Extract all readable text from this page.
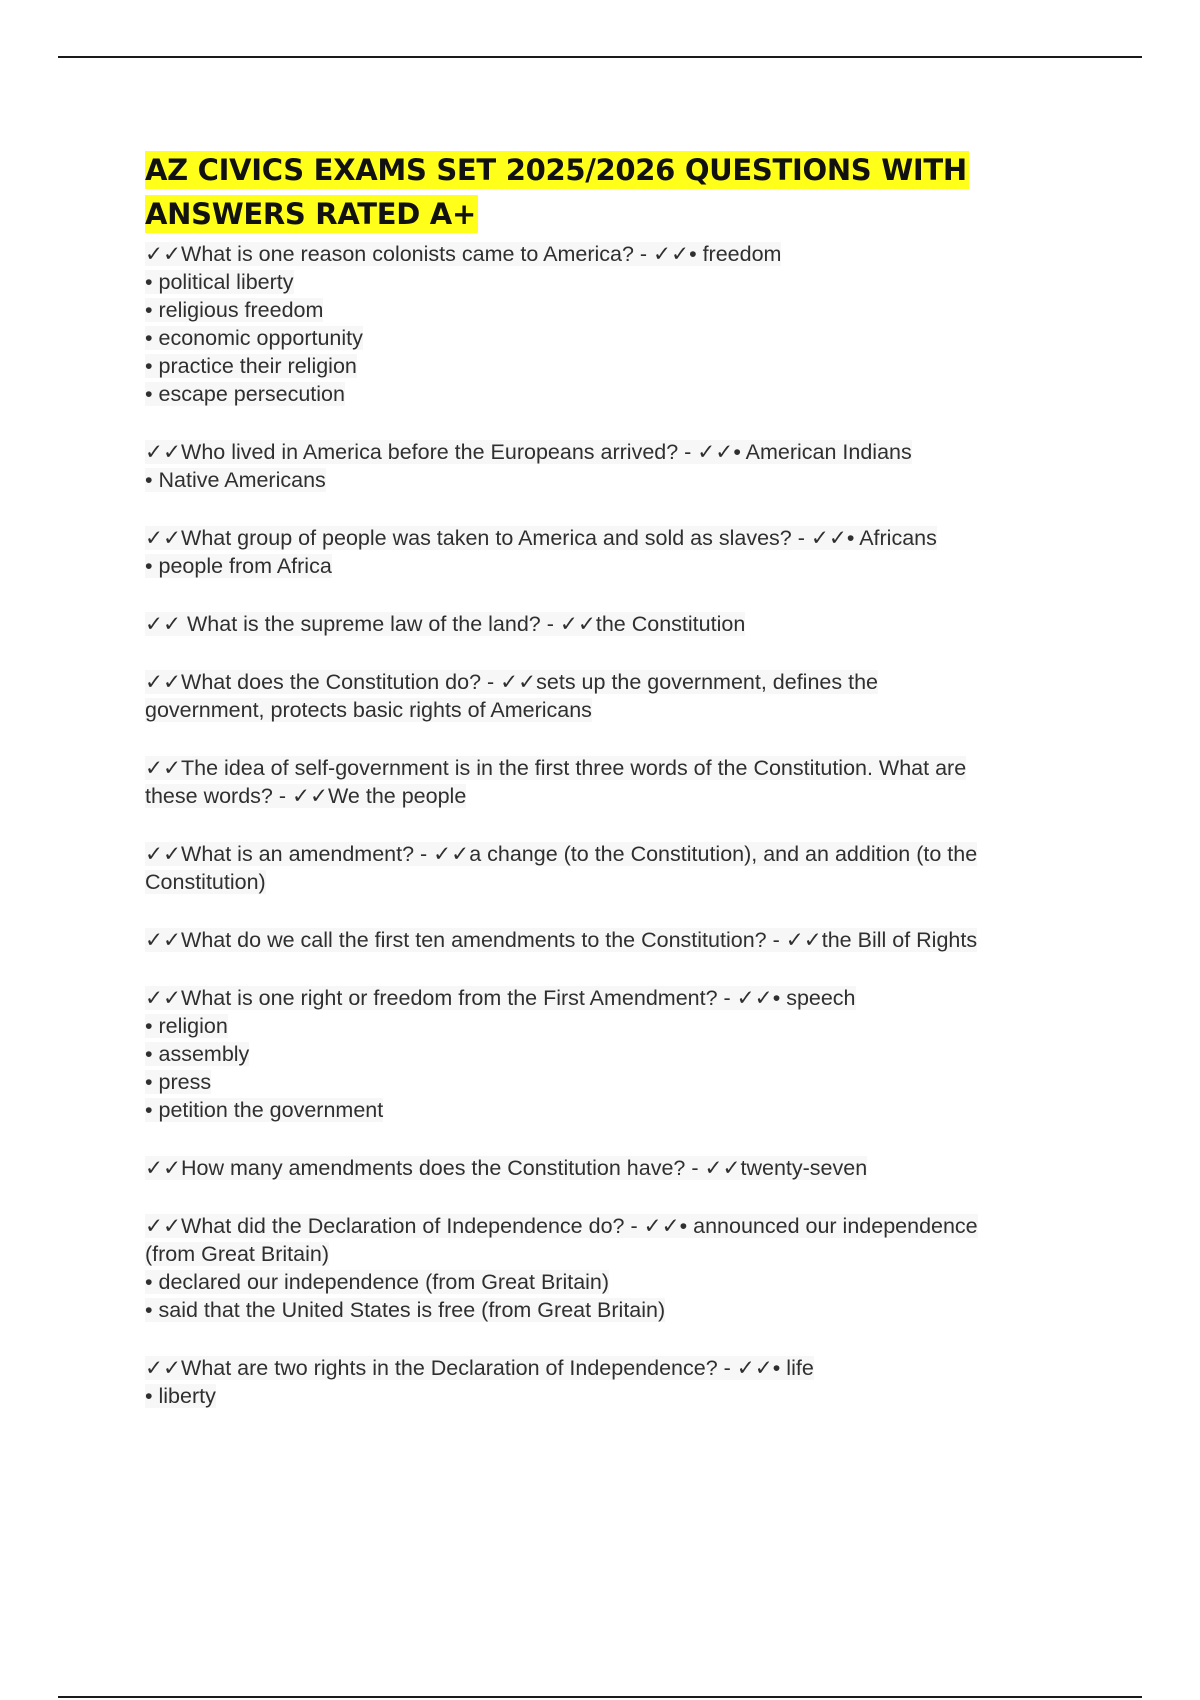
AZ CIVICS EXAMS SET 2025/2026 QUESTIONS WITH
ANSWERS RATED A+
✓✓What is one reason colonists came to America? - ✓✓• freedom
• political liberty
• religious freedom
• economic opportunity
• practice their religion
• escape persecution
✓✓Who lived in America before the Europeans arrived? - ✓✓• American Indians
• Native Americans
✓✓What group of people was taken to America and sold as slaves? - ✓✓• Africans
• people from Africa
✓✓ What is the supreme law of the land? - ✓✓the Constitution
✓✓What does the Constitution do? - ✓✓sets up the government, defines the
government, protects basic rights of Americans
✓✓The idea of self-government is in the first three words of the Constitution. What are
these words? - ✓✓We the people
✓✓What is an amendment? - ✓✓a change (to the Constitution), and an addition (to the
Constitution)
✓✓What do we call the first ten amendments to the Constitution? - ✓✓the Bill of Rights
✓✓What is one right or freedom from the First Amendment? - ✓✓• speech
• religion
• assembly
• press
• petition the government
✓✓How many amendments does the Constitution have? - ✓✓twenty-seven
✓✓What did the Declaration of Independence do? - ✓✓• announced our independence
(from Great Britain)
• declared our independence (from Great Britain)
• said that the United States is free (from Great Britain)
✓✓What are two rights in the Declaration of Independence? - ✓✓• life
• liberty
